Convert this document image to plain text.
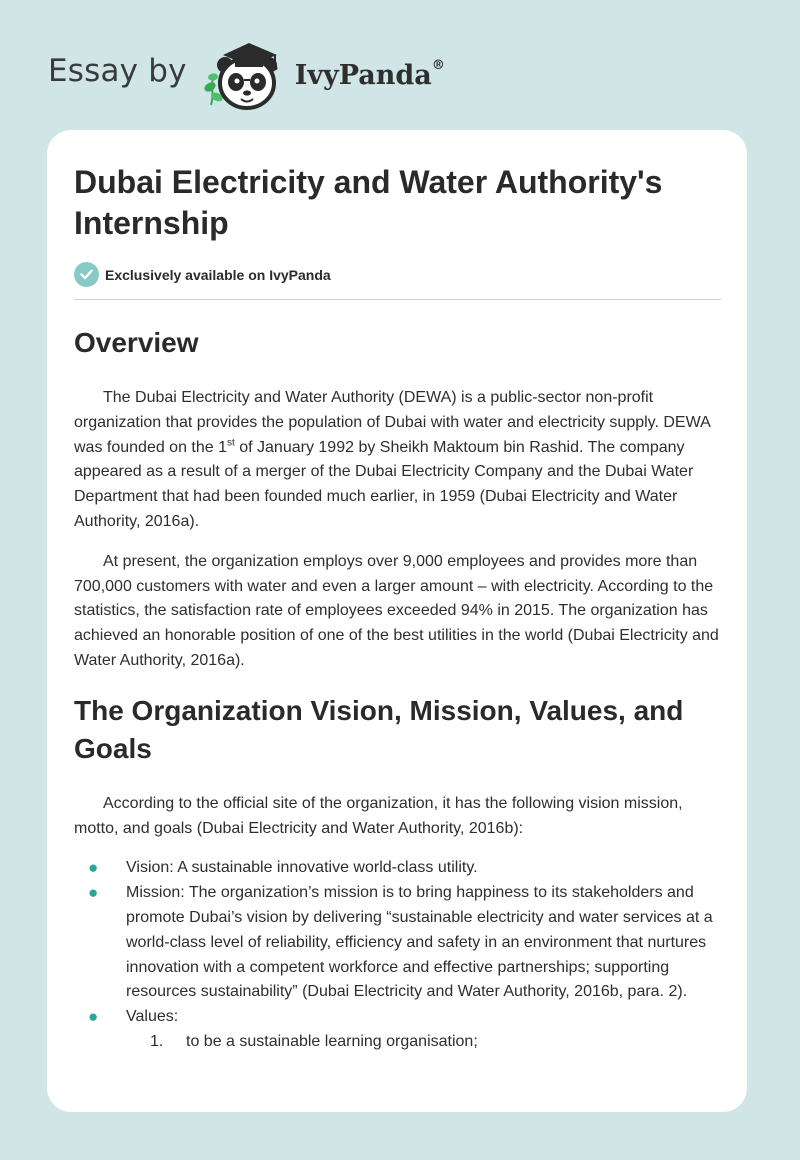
Essay by	IvyPanda®
Dubai Electricity and Water Authority's Internship
Exclusively available on IvyPanda
Overview

The Dubai Electricity and Water Authority (DEWA) is a public-sector non-profit organization that provides the population of Dubai with water and electricity supply. DEWA was founded on the 1st of January 1992 by Sheikh Maktoum bin Rashid. The company appeared as a result of a merger of the Dubai Electricity Company and the Dubai Water Department that had been founded much earlier, in 1959 (Dubai Electricity and Water Authority, 2016a).

At present, the organization employs over 9,000 employees and provides more than 700,000 customers with water and even a larger amount – with electricity. According to the statistics, the satisfaction rate of employees exceeded 94% in 2015. The organization has achieved an honorable position of one of the best utilities in the world (Dubai Electricity and Water Authority, 2016a).

The Organization Vision, Mission, Values, and Goals

According to the official site of the organization, it has the following vision mission, motto, and goals (Dubai Electricity and Water Authority, 2016b):

● Vision: A sustainable innovative world-class utility.
● Mission: The organization’s mission is to bring happiness to its stakeholders and promote Dubai’s vision by delivering “sustainable electricity and water services at a world-class level of reliability, efficiency and safety in an environment that nurtures innovation with a competent workforce and effective partnerships; supporting resources sustainability” (Dubai Electricity and Water Authority, 2016b, para. 2).
● Values:
1. to be a sustainable learning organisation;
